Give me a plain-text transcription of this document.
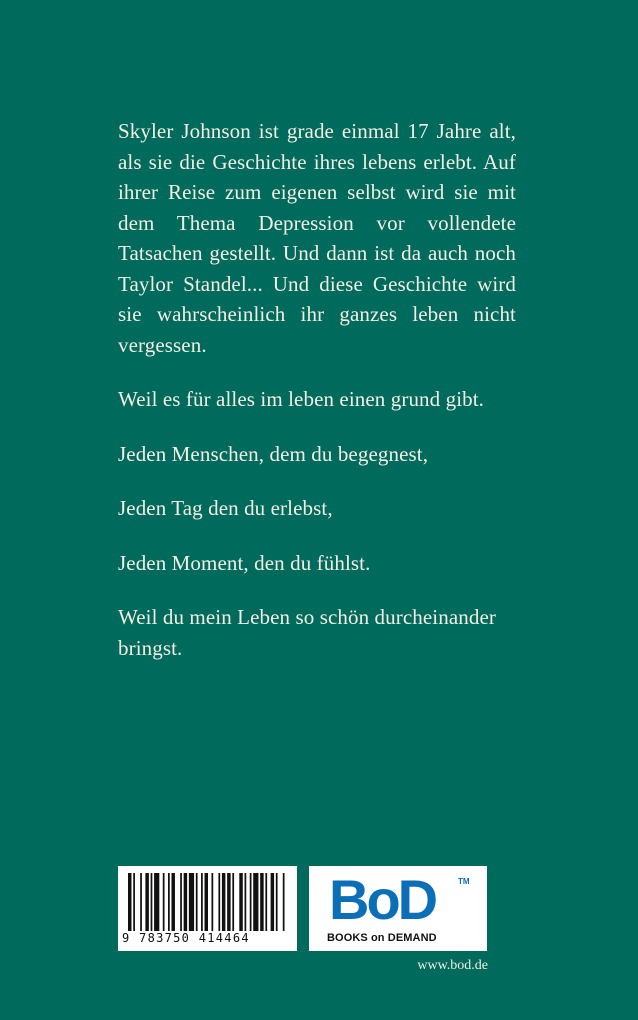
Skyler Johnson ist grade einmal 17 Jahre alt, als sie die Geschichte ihres lebens erlebt. Auf ihrer Reise zum eigenen selbst wird sie mit dem Thema Depression vor vollendete Tatsachen gestellt. Und dann ist da auch noch Taylor Standel... Und diese Geschichte wird sie wahrscheinlich ihr ganzes leben nicht vergessen.

Weil es für alles im leben einen grund gibt.

Jeden Menschen, dem du begegnest,

Jeden Tag den du erlebst,

Jeden Moment, den du fühlst.

Weil du mein Leben so schön durcheinander bringst.

9 783750 414464
BoD	TM
BOOKS on DEMAND
www.bod.de
